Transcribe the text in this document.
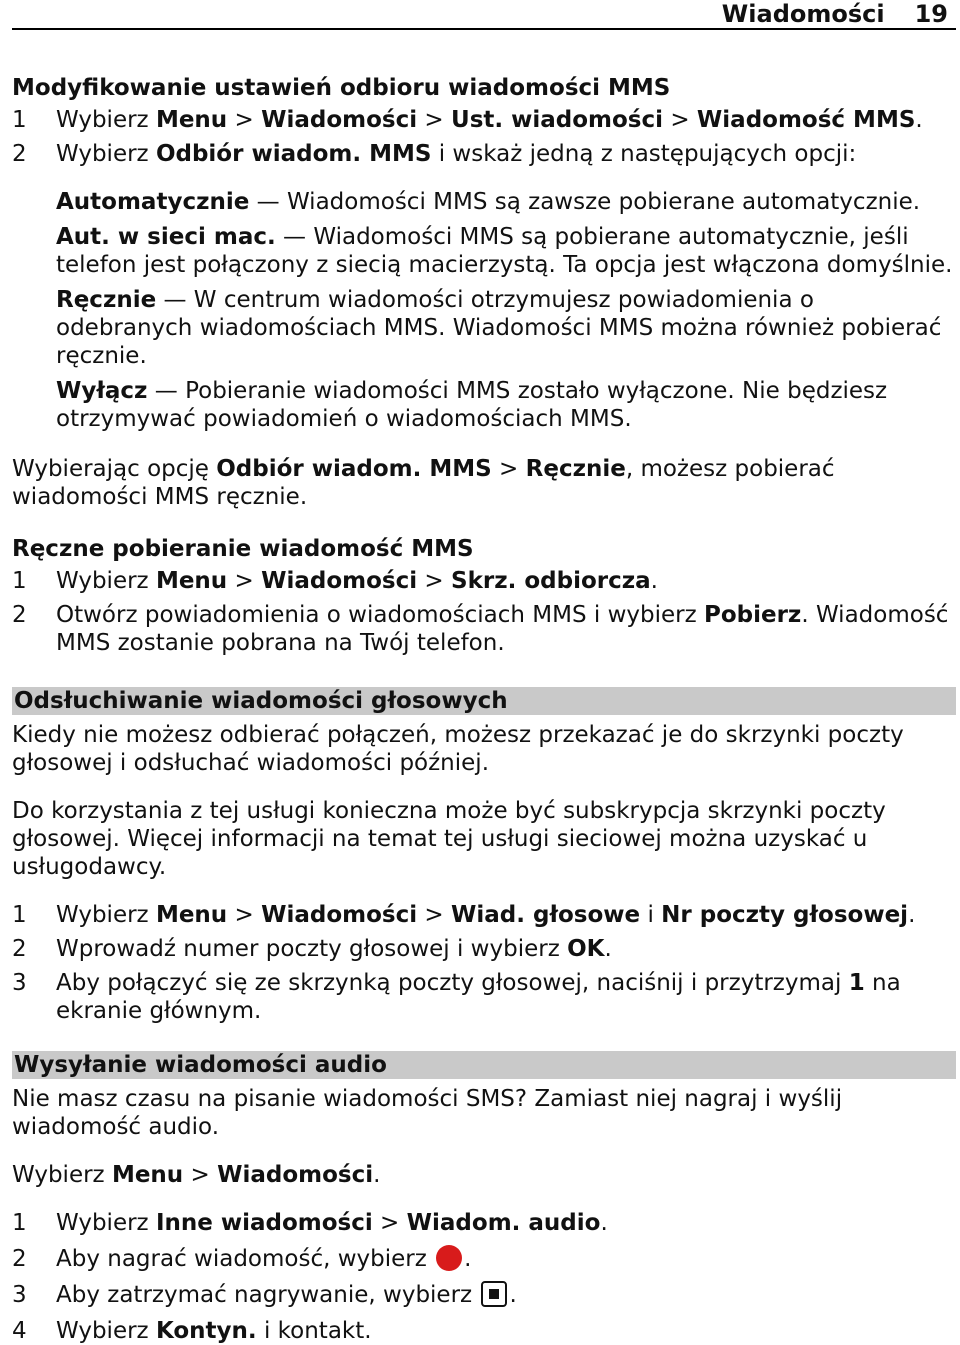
Wiadomości 19

Modyfikowanie ustawień odbioru wiadomości MMS

1	Wybierz Menu > Wiadomości > Ust. wiadomości > Wiadomość MMS.

2	Wybierz Odbiór wiadom. MMS i wskaż jedną z następujących opcji:

Automatycznie — Wiadomości MMS są zawsze pobierane automatycznie.

Aut. w sieci mac. — Wiadomości MMS są pobierane automatycznie, jeśli telefon jest połączony z siecią macierzystą. Ta opcja jest włączona domyślnie.

Ręcznie — W centrum wiadomości otrzymujesz powiadomienia o odebranych wiadomościach MMS. Wiadomości MMS można również pobierać ręcznie.

Wyłącz — Pobieranie wiadomości MMS zostało wyłączone. Nie będziesz otrzymywać powiadomień o wiadomościach MMS.

Wybierając opcję Odbiór wiadom. MMS > Ręcznie, możesz pobierać wiadomości MMS ręcznie.

Ręczne pobieranie wiadomość MMS

1	Wybierz Menu > Wiadomości > Skrz. odbiorcza.

2	Otwórz powiadomienia o wiadomościach MMS i wybierz Pobierz. Wiadomość MMS zostanie pobrana na Twój telefon.

Odsłuchiwanie wiadomości głosowych

Kiedy nie możesz odbierać połączeń, możesz przekazać je do skrzynki poczty głosowej i odsłuchać wiadomości później.

Do korzystania z tej usługi konieczna może być subskrypcja skrzynki poczty głosowej. Więcej informacji na temat tej usługi sieciowej można uzyskać u usługodawcy.

1	Wybierz Menu > Wiadomości > Wiad. głosowe i Nr poczty głosowej.

2	Wprowadź numer poczty głosowej i wybierz OK.

3	Aby połączyć się ze skrzynką poczty głosowej, naciśnij i przytrzymaj 1 na ekranie głównym.

Wysyłanie wiadomości audio

Nie masz czasu na pisanie wiadomości SMS? Zamiast niej nagraj i wyślij wiadomość audio.

Wybierz Menu > Wiadomości.

1	Wybierz Inne wiadomości > Wiadom. audio.

2	Aby nagrać wiadomość, wybierz .

3	Aby zatrzymać nagrywanie, wybierz .

4	Wybierz Kontyn. i kontakt.
